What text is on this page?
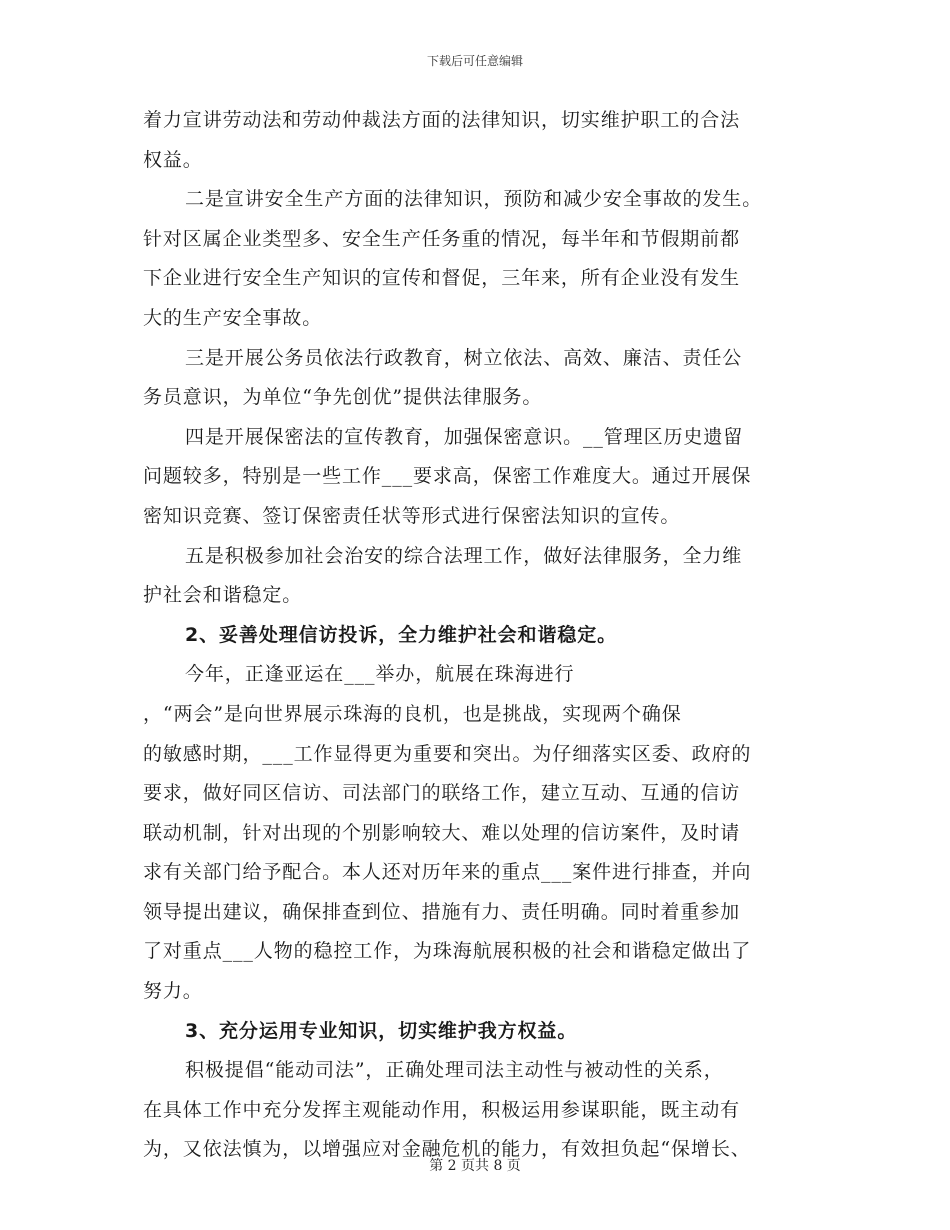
下载后可任意编辑
着力宣讲劳动法和劳动仲裁法方面的法律知识，切实维护职工的合法
权益。
二是宣讲安全生产方面的法律知识，预防和减少安全事故的发生。
针对区属企业类型多、安全生产任务重的情况，每半年和节假期前都
下企业进行安全生产知识的宣传和督促，三年来，所有企业没有发生
大的生产安全事故。
三是开展公务员依法行政教育，树立依法、高效、廉洁、责任公
务员意识，为单位“争先创优”提供法律服务。
四是开展保密法的宣传教育，加强保密意识。__管理区历史遗留
问题较多，特别是一些工作___要求高，保密工作难度大。通过开展保
密知识竞赛、签订保密责任状等形式进行保密法知识的宣传。
五是积极参加社会治安的综合法理工作，做好法律服务，全力维
护社会和谐稳定。
2、妥善处理信访投诉，全力维护社会和谐稳定。
今年，正逢亚运在___举办，航展在珠海进行
，“两会”是向世界展示珠海的良机，也是挑战，实现两个确保
的敏感时期，___工作显得更为重要和突出。为仔细落实区委、政府的
要求，做好同区信访、司法部门的联络工作，建立互动、互通的信访
联动机制，针对出现的个别影响较大、难以处理的信访案件，及时请
求有关部门给予配合。本人还对历年来的重点___案件进行排查，并向
领导提出建议，确保排查到位、措施有力、责任明确。同时着重参加
了对重点___人物的稳控工作，为珠海航展积极的社会和谐稳定做出了
努力。
3、充分运用专业知识，切实维护我方权益。
积极提倡“能动司法”，正确处理司法主动性与被动性的关系，
在具体工作中充分发挥主观能动作用，积极运用参谋职能，既主动有
为，又依法慎为，以增强应对金融危机的能力，有效担负起“保增长、
第 2 页共 8 页
